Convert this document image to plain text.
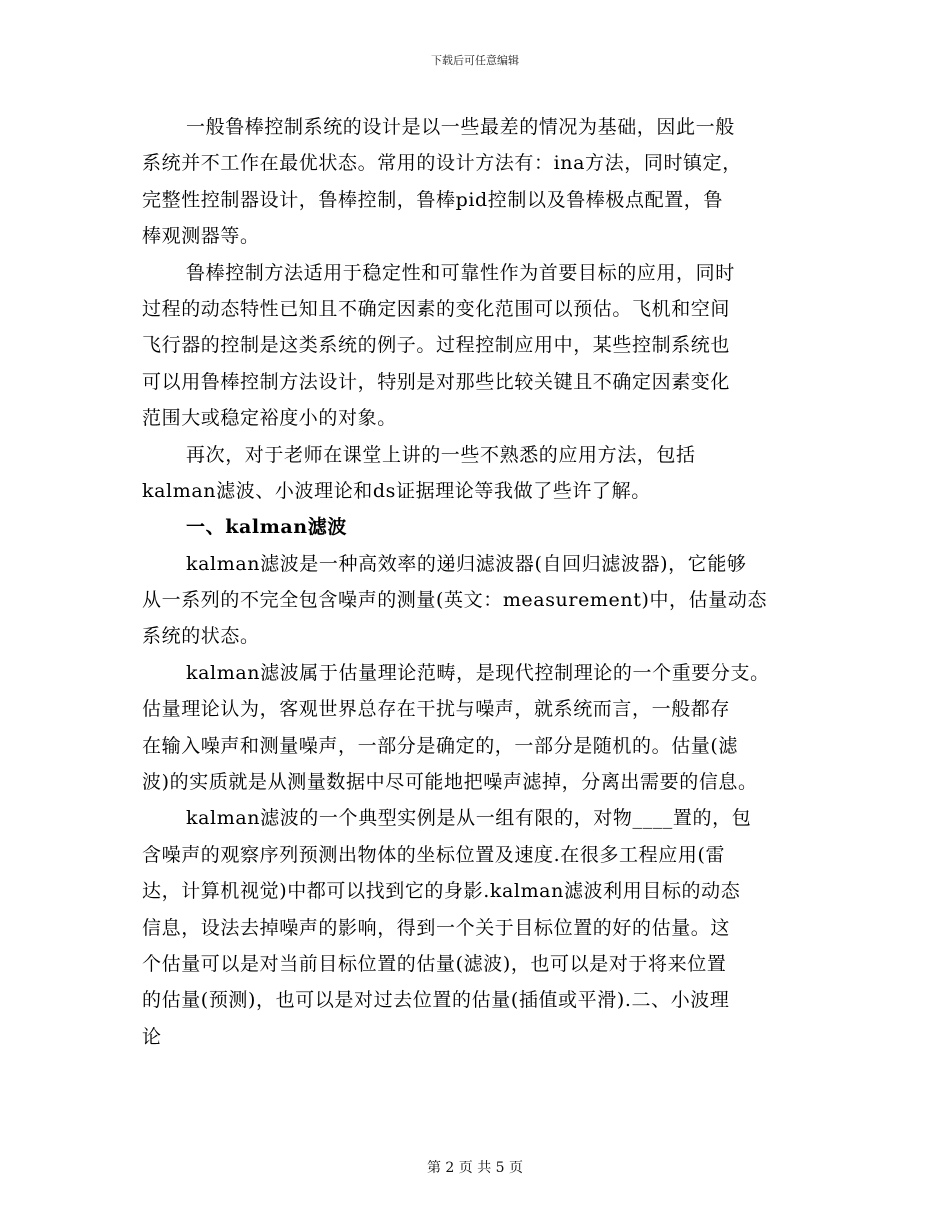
下载后可任意编辑
一般鲁棒控制系统的设计是以一些最差的情况为基础，因此一般
系统并不工作在最优状态。常用的设计方法有：ina方法，同时镇定，
完整性控制器设计，鲁棒控制，鲁棒pid控制以及鲁棒极点配置，鲁
棒观测器等。
鲁棒控制方法适用于稳定性和可靠性作为首要目标的应用，同时
过程的动态特性已知且不确定因素的变化范围可以预估。飞机和空间
飞行器的控制是这类系统的例子。过程控制应用中，某些控制系统也
可以用鲁棒控制方法设计，特别是对那些比较关键且不确定因素变化
范围大或稳定裕度小的对象。
再次，对于老师在课堂上讲的一些不熟悉的应用方法，包括
kalman滤波、小波理论和ds证据理论等我做了些许了解。
一、kalman滤波
kalman滤波是一种高效率的递归滤波器(自回归滤波器)，它能够
从一系列的不完全包含噪声的测量(英文：measurement)中，估量动态
系统的状态。
kalman滤波属于估量理论范畴，是现代控制理论的一个重要分支。
估量理论认为，客观世界总存在干扰与噪声，就系统而言，一般都存
在输入噪声和测量噪声，一部分是确定的，一部分是随机的。估量(滤
波)的实质就是从测量数据中尽可能地把噪声滤掉，分离出需要的信息。
kalman滤波的一个典型实例是从一组有限的，对物____置的，包
含噪声的观察序列预测出物体的坐标位置及速度.在很多工程应用(雷
达，计算机视觉)中都可以找到它的身影.kalman滤波利用目标的动态
信息，设法去掉噪声的影响，得到一个关于目标位置的好的估量。这
个估量可以是对当前目标位置的估量(滤波)，也可以是对于将来位置
的估量(预测)，也可以是对过去位置的估量(插值或平滑).二、小波理
论
第 2 页 共 5 页
